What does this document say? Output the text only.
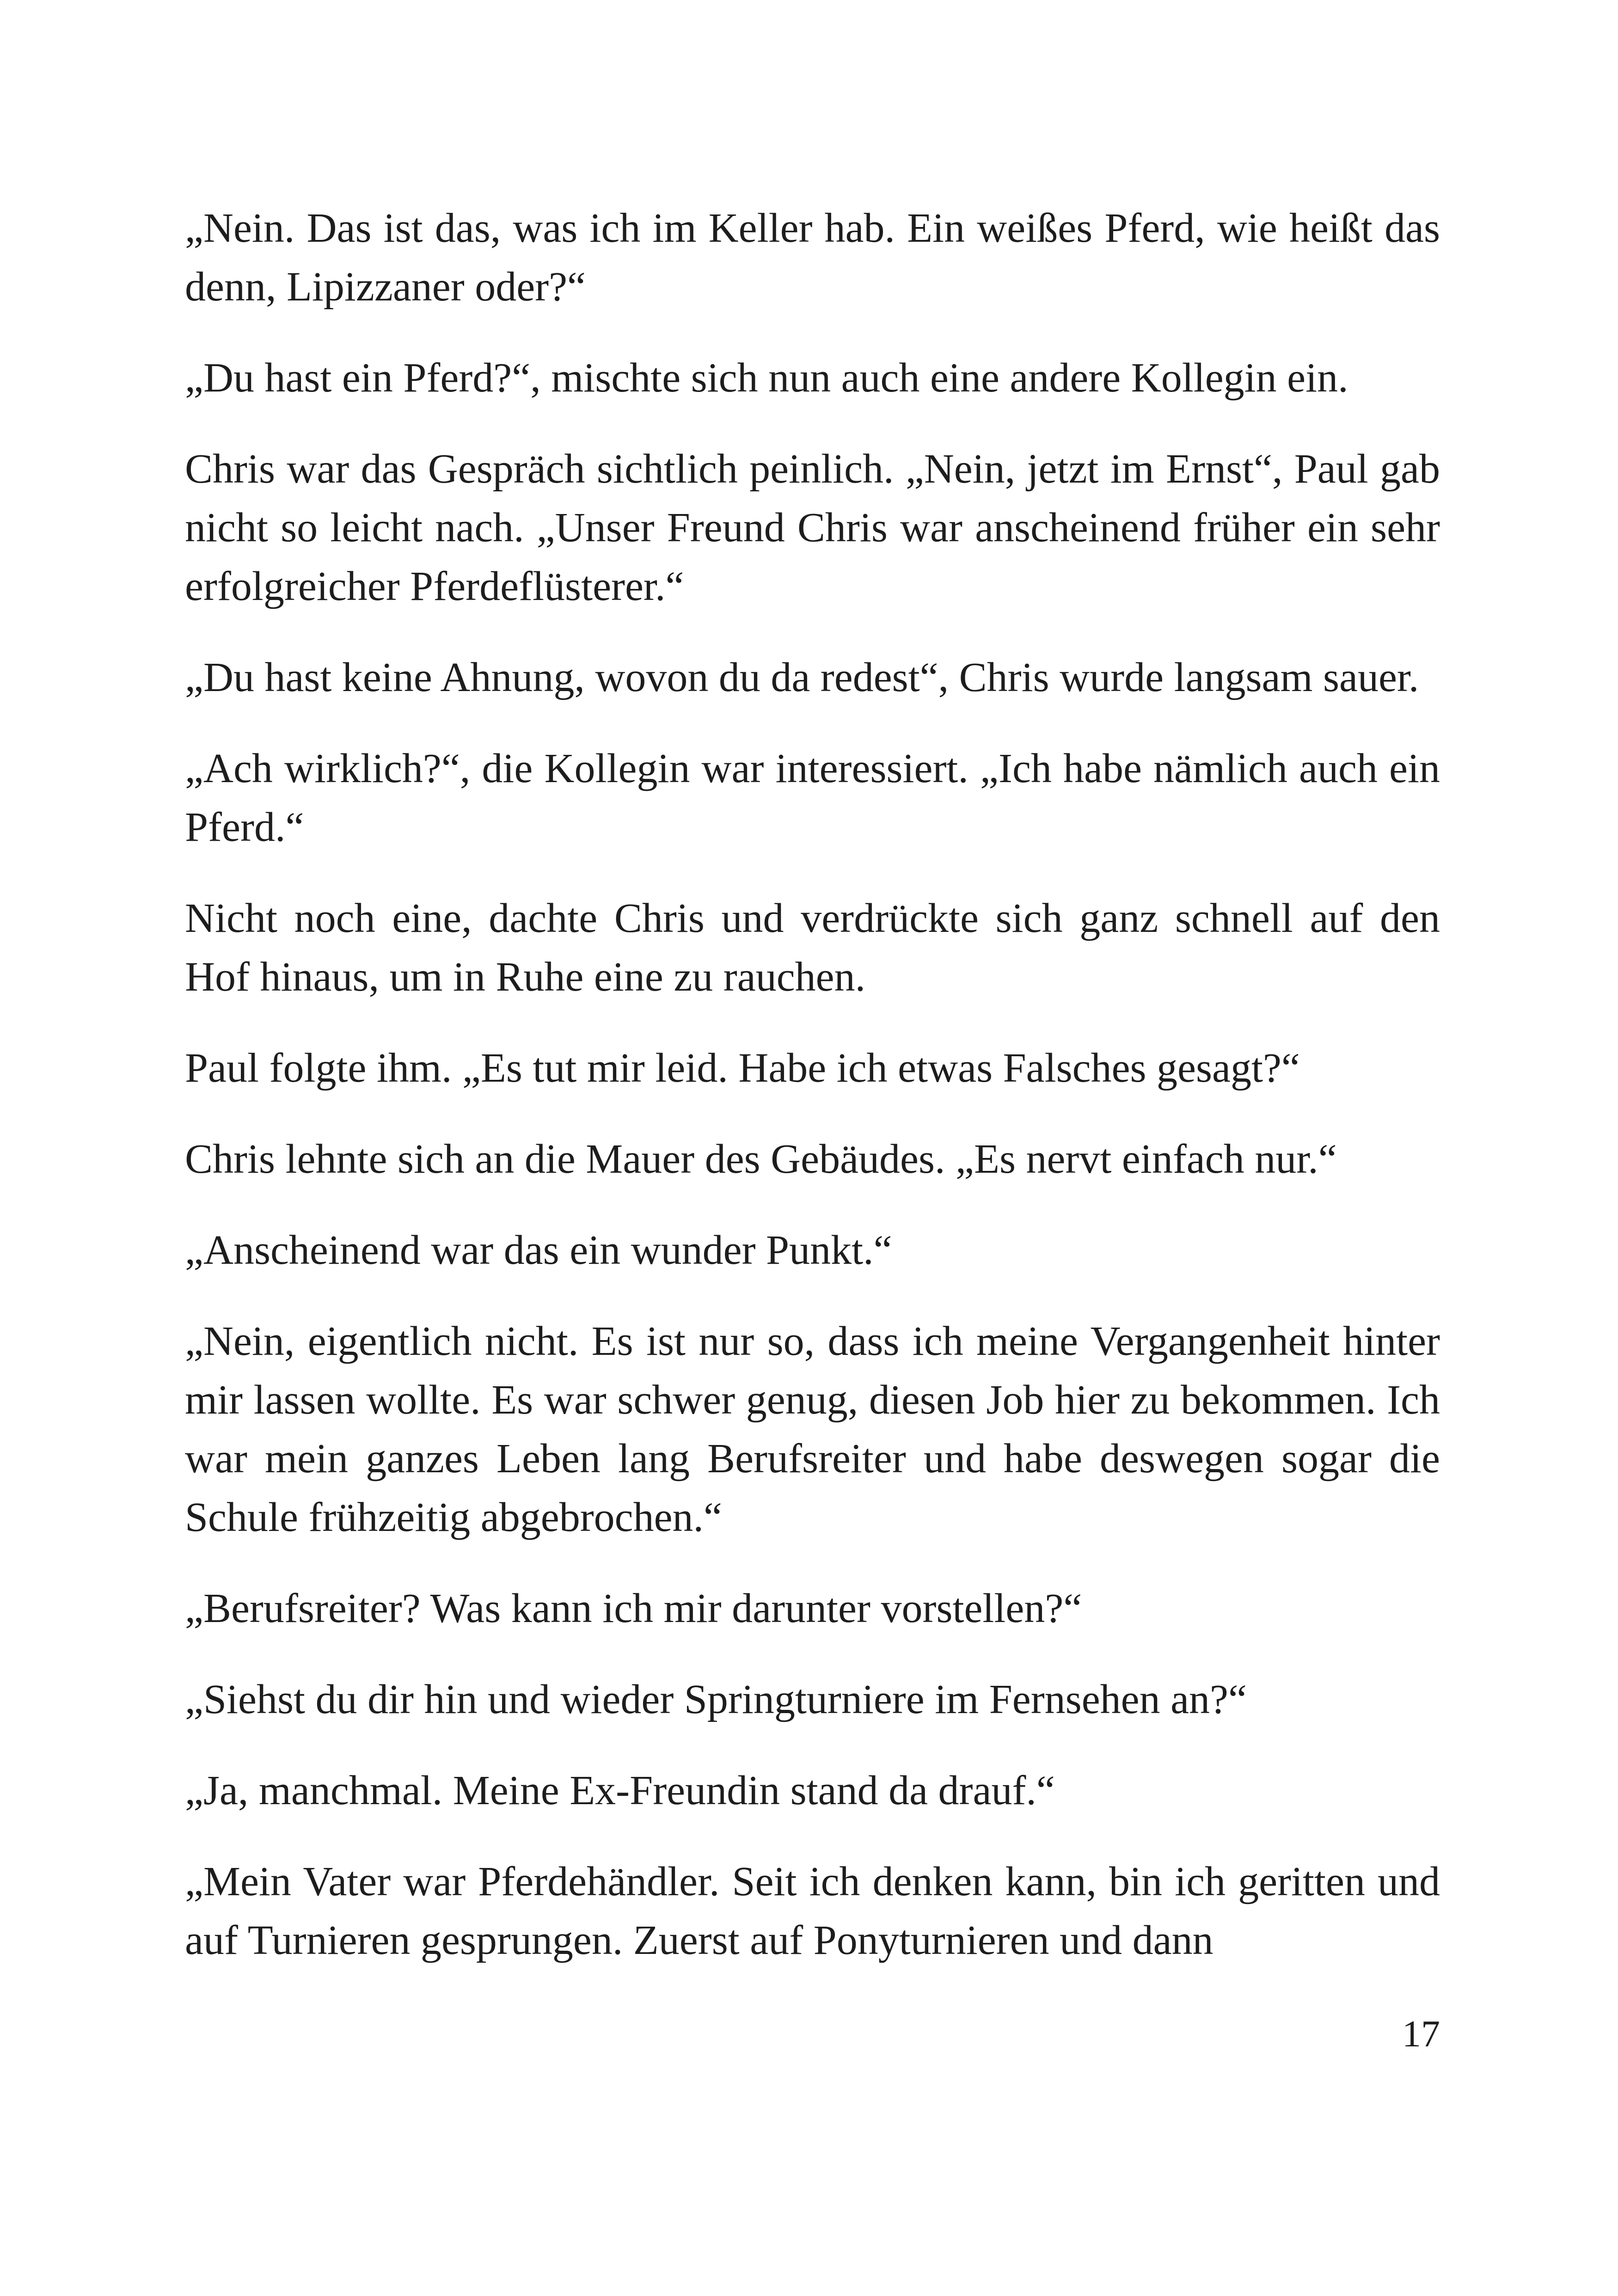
„Nein. Das ist das, was ich im Keller hab. Ein weißes Pferd, wie heißt das denn, Lipizzaner oder?“

„Du hast ein Pferd?“, mischte sich nun auch eine andere Kollegin ein.

Chris war das Gespräch sichtlich peinlich. „Nein, jetzt im Ernst“, Paul gab nicht so leicht nach. „Unser Freund Chris war anscheinend früher ein sehr erfolgreicher Pferdeflüsterer.“

„Du hast keine Ahnung, wovon du da redest“, Chris wurde langsam sauer.

„Ach wirklich?“, die Kollegin war interessiert. „Ich habe nämlich auch ein Pferd.“

Nicht noch eine, dachte Chris und verdrückte sich ganz schnell auf den Hof hinaus, um in Ruhe eine zu rauchen.

Paul folgte ihm. „Es tut mir leid. Habe ich etwas Falsches gesagt?“

Chris lehnte sich an die Mauer des Gebäudes. „Es nervt einfach nur.“

„Anscheinend war das ein wunder Punkt.“

„Nein, eigentlich nicht. Es ist nur so, dass ich meine Vergangenheit hinter mir lassen wollte. Es war schwer genug, diesen Job hier zu bekommen. Ich war mein ganzes Leben lang Berufsreiter und habe deswegen sogar die Schule frühzeitig abgebrochen.“

„Berufsreiter? Was kann ich mir darunter vorstellen?“

„Siehst du dir hin und wieder Springturniere im Fernsehen an?“

„Ja, manchmal. Meine Ex-Freundin stand da drauf.“

„Mein Vater war Pferdehändler. Seit ich denken kann, bin ich geritten und auf Turnieren gesprungen. Zuerst auf Ponyturnieren und dann

17
